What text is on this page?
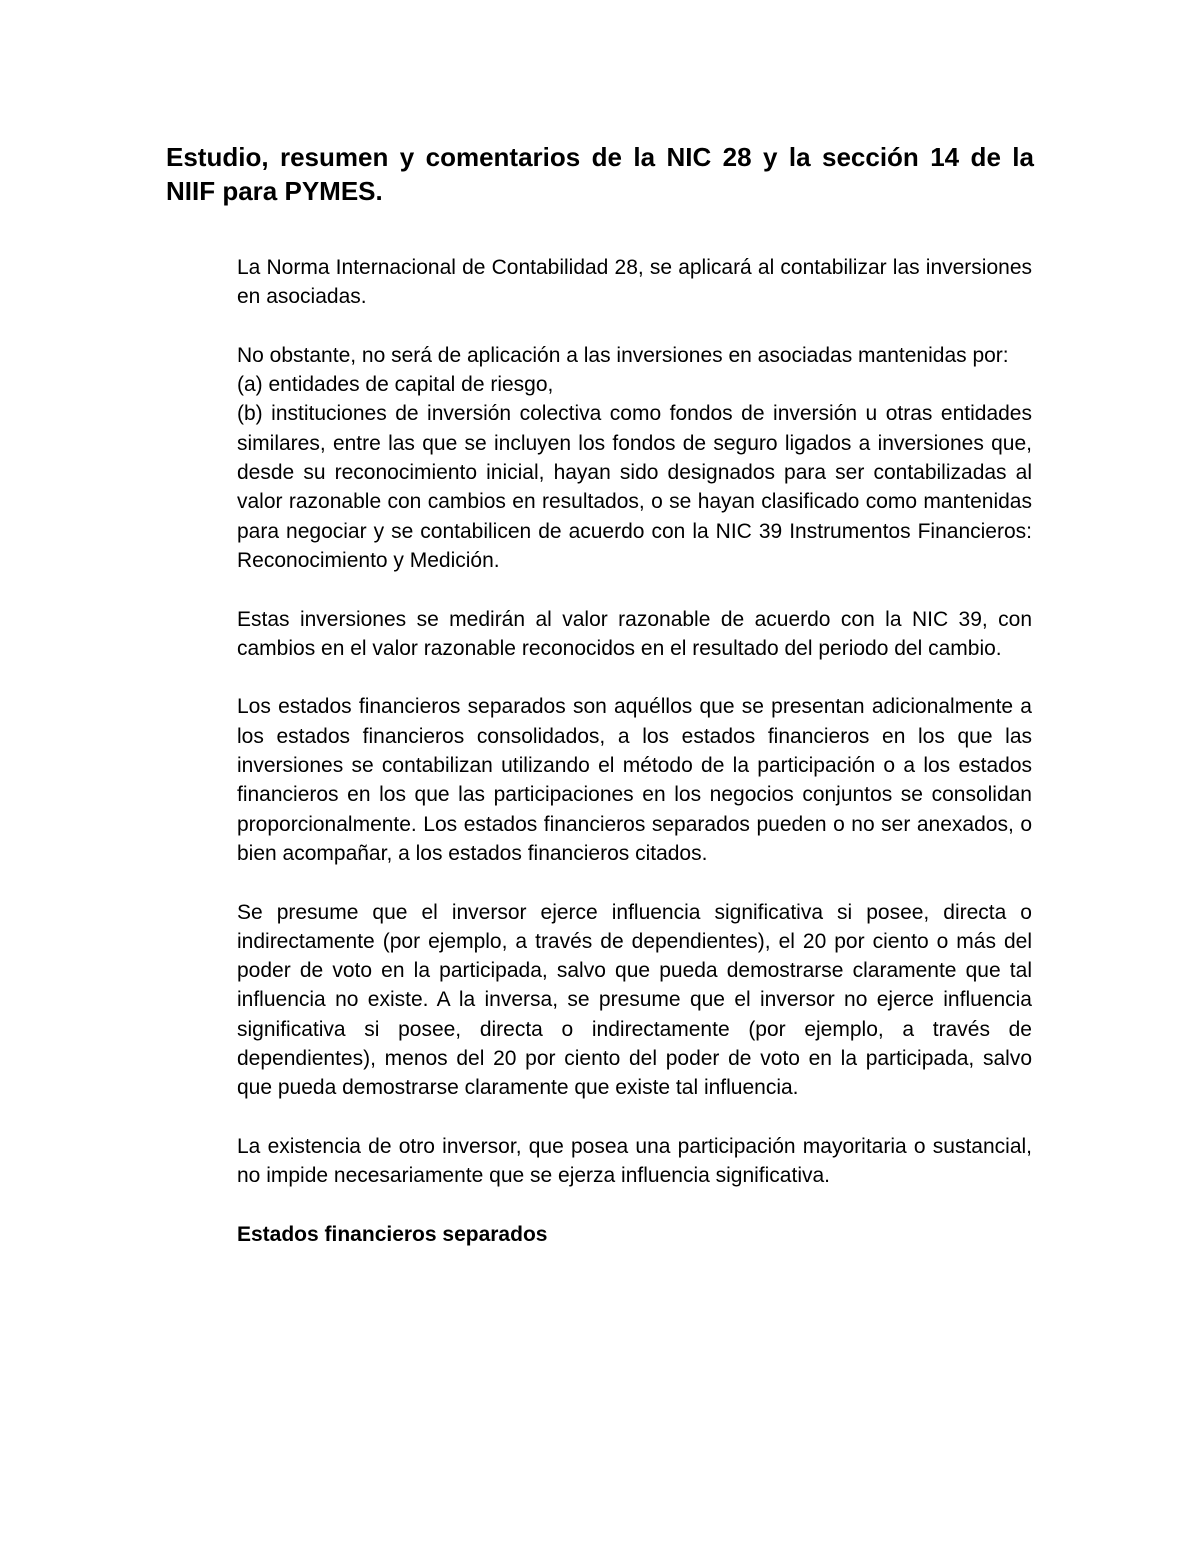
Estudio, resumen y comentarios de la NIC 28 y la sección 14 de la NIIF para PYMES.

La Norma Internacional de Contabilidad 28, se aplicará al contabilizar las inversiones en asociadas.

No obstante, no será de aplicación a las inversiones en asociadas mantenidas por:

(a) entidades de capital de riesgo,

(b) instituciones de inversión colectiva como fondos de inversión u otras entidades similares, entre las que se incluyen los fondos de seguro ligados a inversiones que, desde su reconocimiento inicial, hayan sido designados para ser contabilizadas al valor razonable con cambios en resultados, o se hayan clasificado como mantenidas para negociar y se contabilicen de acuerdo con la NIC 39 Instrumentos Financieros: Reconocimiento y Medición.

Estas inversiones se medirán al valor razonable de acuerdo con la NIC 39, con cambios en el valor razonable reconocidos en el resultado del periodo del cambio.

Los estados financieros separados son aquéllos que se presentan adicionalmente a los estados financieros consolidados, a los estados financieros en los que las inversiones se contabilizan utilizando el método de la participación o a los estados financieros en los que las participaciones en los negocios conjuntos se consolidan proporcionalmente. Los estados financieros separados pueden o no ser anexados, o bien acompañar, a los estados financieros citados.

Se presume que el inversor ejerce influencia significativa si posee, directa o indirectamente (por ejemplo, a través de dependientes), el 20 por ciento o más del poder de voto en la participada, salvo que pueda demostrarse claramente que tal influencia no existe. A la inversa, se presume que el inversor no ejerce influencia significativa si posee, directa o indirectamente (por ejemplo, a través de dependientes), menos del 20 por ciento del poder de voto en la participada, salvo que pueda demostrarse claramente que existe tal influencia.

La existencia de otro inversor, que posea una participación mayoritaria o sustancial, no impide necesariamente que se ejerza influencia significativa.

Estados financieros separados
